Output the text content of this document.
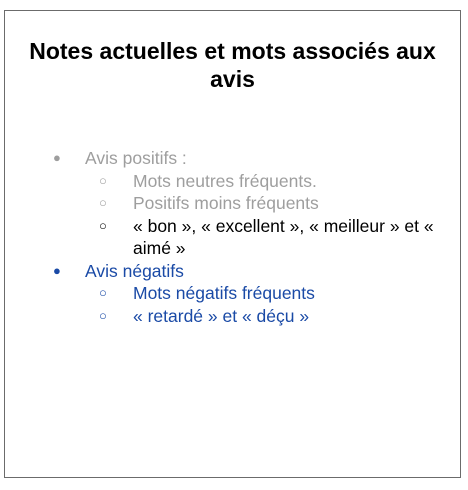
Notes actuelles et mots associés aux avis
●	Avis positifs :
○	Mots neutres fréquents.
○	Positifs moins fréquents
○	« bon », « excellent », « meilleur » et « aimé »
●	Avis négatifs
○	Mots négatifs fréquents
○	« retardé » et « déçu »
